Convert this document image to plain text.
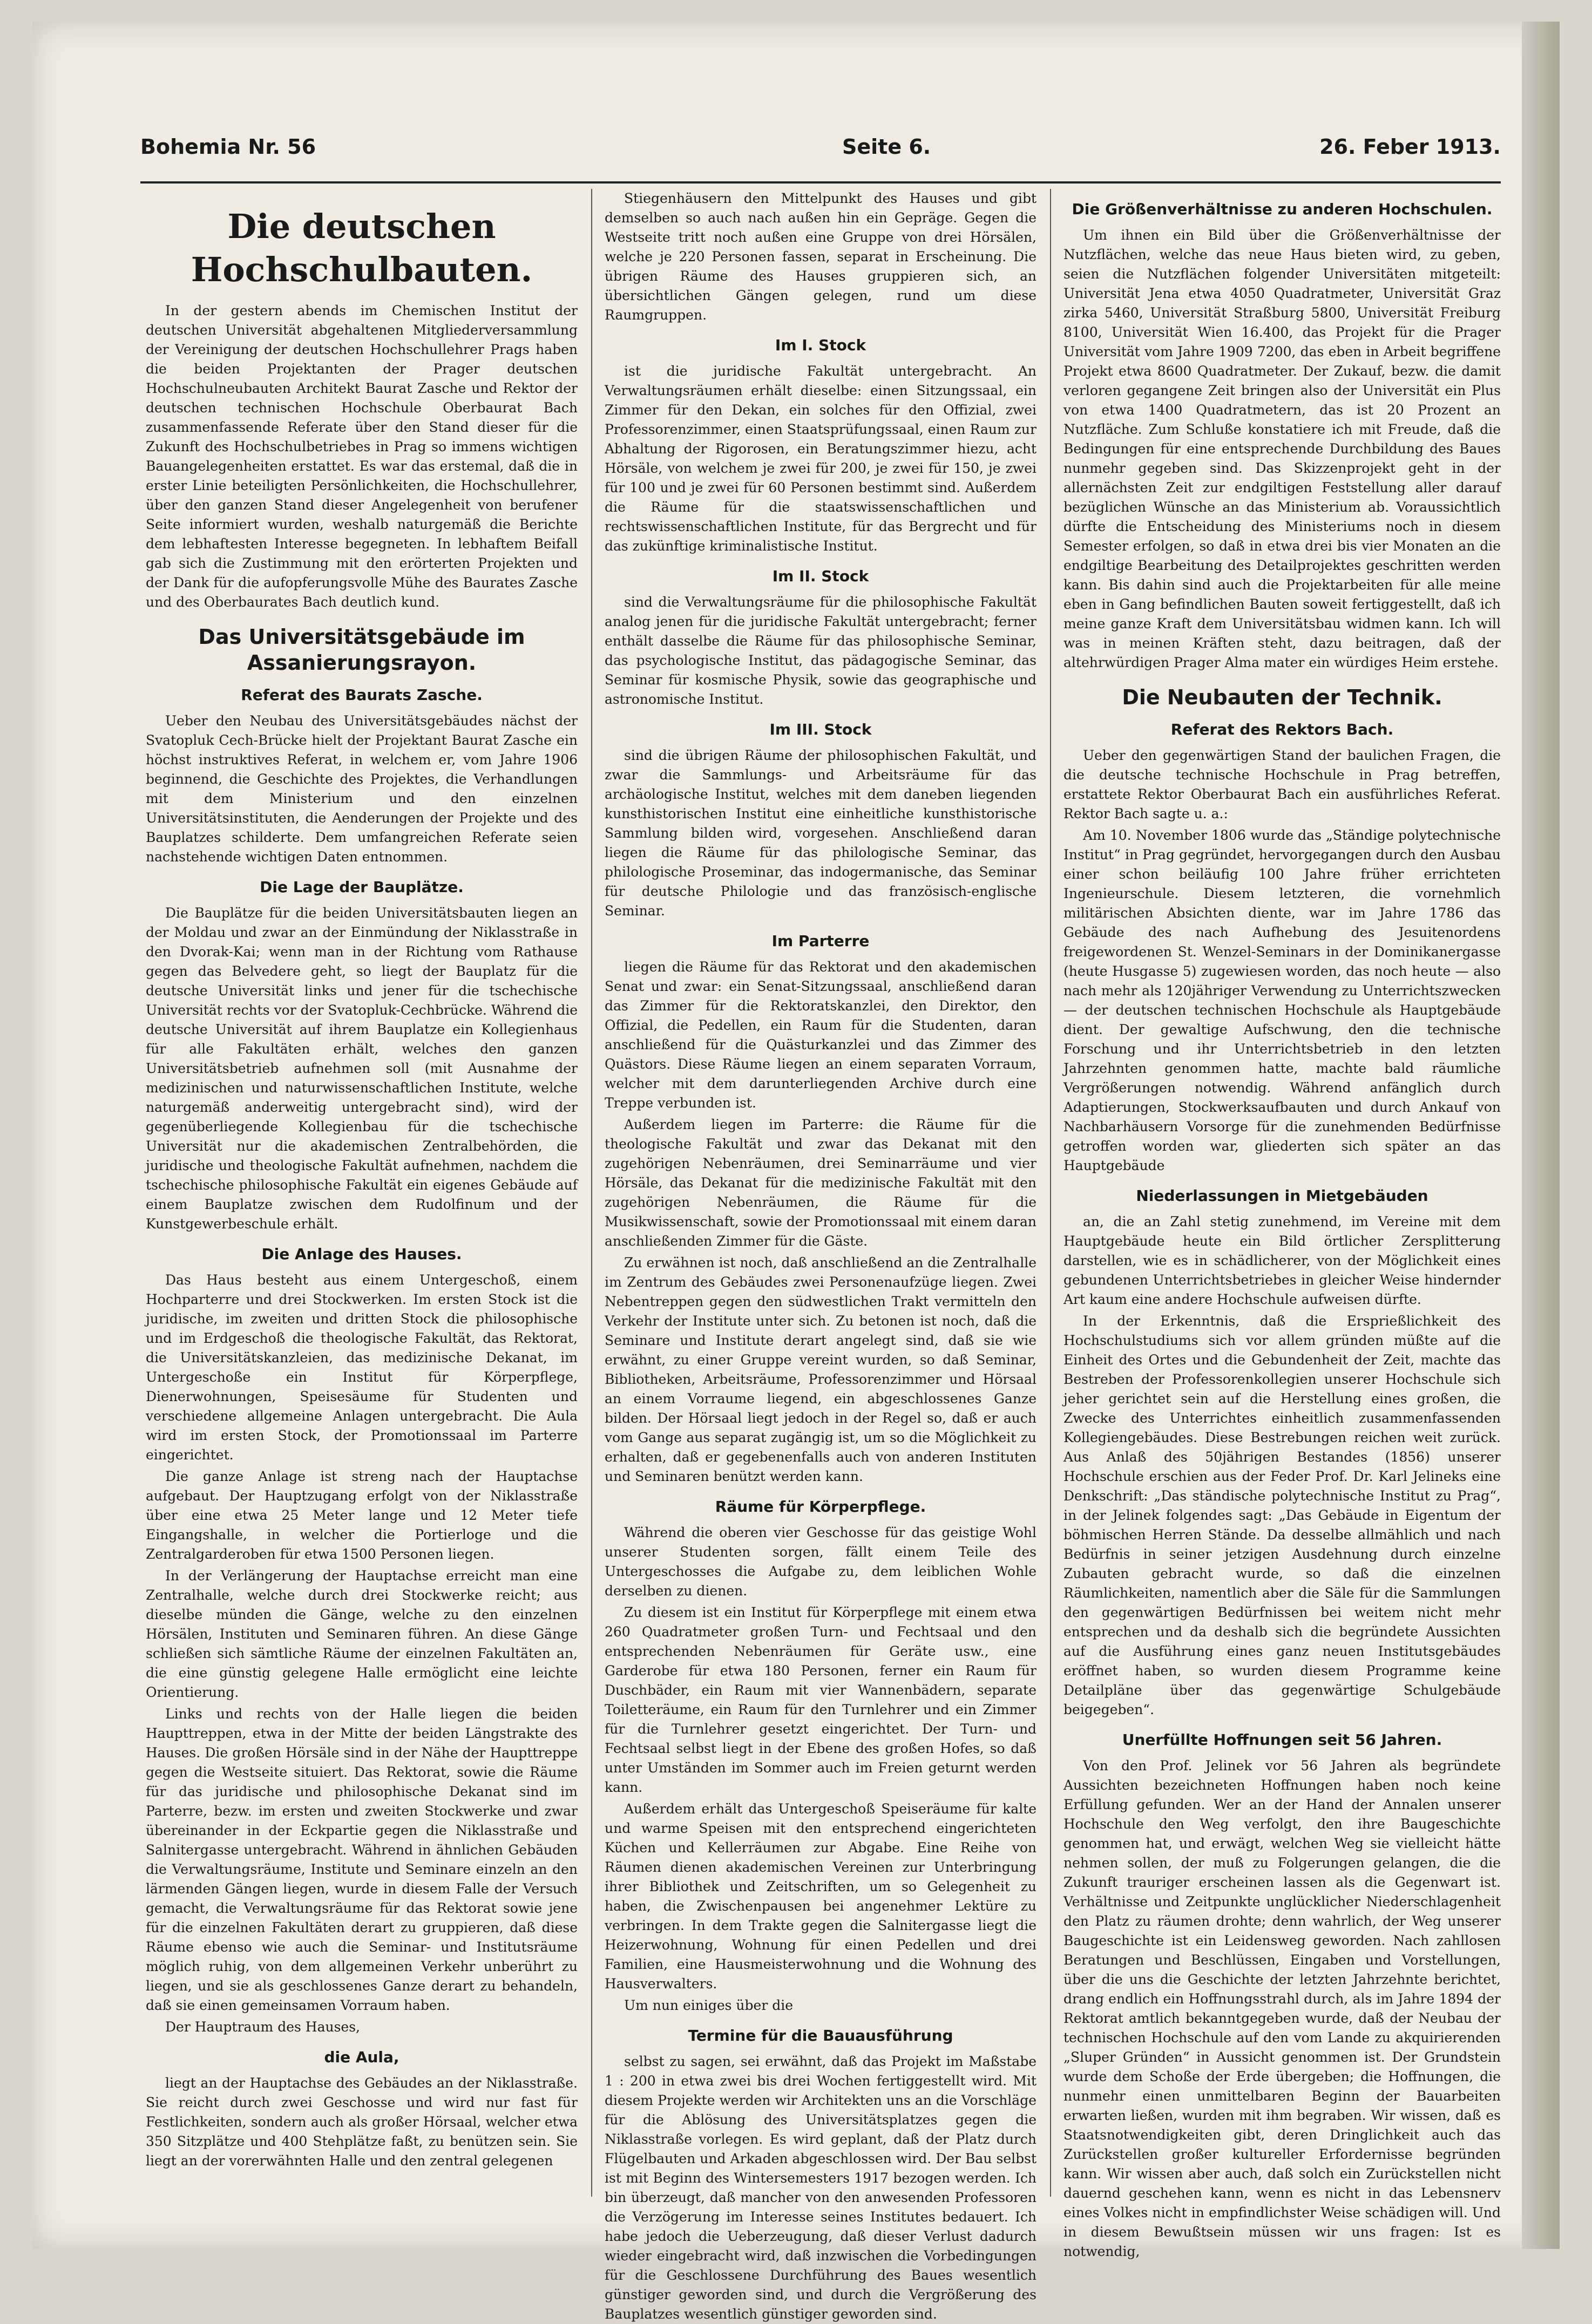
Bohemia Nr. 56	Seite 6.	26. Feber 1913.
Die deutschen Hochschulbauten.

In der gestern abends im Chemischen Institut der deutschen Universität abgehaltenen Mitgliederversammlung der Vereinigung der deutschen Hochschullehrer Prags haben die beiden Projektanten der Prager deutschen Hochschulneubauten Architekt Baurat Zasche und Rektor der deutschen technischen Hochschule Oberbaurat Bach zusammenfassende Referate über den Stand dieser für die Zukunft des Hochschulbetriebes in Prag so immens wichtigen Bauangelegenheiten erstattet. Es war das erstemal, daß die in erster Linie beteiligten Persönlichkeiten, die Hochschullehrer, über den ganzen Stand dieser Angelegenheit von berufener Seite informiert wurden, weshalb naturgemäß die Berichte dem lebhaftesten Interesse begegneten. In lebhaftem Beifall gab sich die Zustimmung mit den erörterten Projekten und der Dank für die aufopferungsvolle Mühe des Baurates Zasche und des Oberbaurates Bach deutlich kund.

Das Universitätsgebäude im Assanierungsrayon.
Referat des Baurats Zasche.

Ueber den Neubau des Universitätsgebäudes nächst der Svatopluk Cech-Brücke hielt der Projektant Baurat Zasche ein höchst instruktives Referat, in welchem er, vom Jahre 1906 beginnend, die Geschichte des Projektes, die Verhandlungen mit dem Ministerium und den einzelnen Universitätsinstituten, die Aenderungen der Projekte und des Bauplatzes schilderte. Dem umfangreichen Referate seien nachstehende wichtigen Daten entnommen.

Die Lage der Bauplätze.

Die Bauplätze für die beiden Universitätsbauten liegen an der Moldau und zwar an der Einmündung der Niklasstraße in den Dvorak-Kai; wenn man in der Richtung vom Rathause gegen das Belvedere geht, so liegt der Bauplatz für die deutsche Universität links und jener für die tschechische Universität rechts vor der Svatopluk-Cechbrücke. Während die deutsche Universität auf ihrem Bauplatze ein Kollegienhaus für alle Fakultäten erhält, welches den ganzen Universitätsbetrieb aufnehmen soll (mit Ausnahme der medizinischen und naturwissenschaftlichen Institute, welche naturgemäß anderweitig untergebracht sind), wird der gegenüberliegende Kollegienbau für die tschechische Universität nur die akademischen Zentralbehörden, die juridische und theologische Fakultät aufnehmen, nachdem die tschechische philosophische Fakultät ein eigenes Gebäude auf einem Bauplatze zwischen dem Rudolfinum und der Kunstgewerbeschule erhält.

Die Anlage des Hauses.

Das Haus besteht aus einem Untergeschoß, einem Hochparterre und drei Stockwerken. Im ersten Stock ist die juridische, im zweiten und dritten Stock die philosophische und im Erdgeschoß die theologische Fakultät, das Rektorat, die Universitätskanzleien, das medizinische Dekanat, im Untergeschoße ein Institut für Körperpflege, Dienerwohnungen, Speisesäume für Studenten und verschiedene allgemeine Anlagen untergebracht. Die Aula wird im ersten Stock, der Promotionssaal im Parterre eingerichtet.

Die ganze Anlage ist streng nach der Hauptachse aufgebaut. Der Hauptzugang erfolgt von der Niklasstraße über eine etwa 25 Meter lange und 12 Meter tiefe Eingangshalle, in welcher die Portierloge und die Zentralgarderoben für etwa 1500 Personen liegen.

In der Verlängerung der Hauptachse erreicht man eine Zentralhalle, welche durch drei Stockwerke reicht; aus dieselbe münden die Gänge, welche zu den einzelnen Hörsälen, Instituten und Seminaren führen. An diese Gänge schließen sich sämtliche Räume der einzelnen Fakultäten an, die eine günstig gelegene Halle ermöglicht eine leichte Orientierung.

Links und rechts von der Halle liegen die beiden Haupttreppen, etwa in der Mitte der beiden Längstrakte des Hauses. Die großen Hörsäle sind in der Nähe der Haupttreppe gegen die Westseite situiert. Das Rektorat, sowie die Räume für das juridische und philosophische Dekanat sind im Parterre, bezw. im ersten und zweiten Stockwerke und zwar übereinander in der Eckpartie gegen die Niklasstraße und Salnitergasse untergebracht. Während in ähnlichen Gebäuden die Verwaltungsräume, Institute und Seminare einzeln an den lärmenden Gängen liegen, wurde in diesem Falle der Versuch gemacht, die Verwaltungsräume für das Rektorat sowie jene für die einzelnen Fakultäten derart zu gruppieren, daß diese Räume ebenso wie auch die Seminar- und Institutsräume möglich ruhig, von dem allgemeinen Verkehr unberührt zu liegen, und sie als geschlossenes Ganze derart zu behandeln, daß sie einen gemeinsamen Vorraum haben.

Der Hauptraum des Hauses,

die Aula,

liegt an der Hauptachse des Gebäudes an der Niklasstraße. Sie reicht durch zwei Geschosse und wird nur fast für Festlichkeiten, sondern auch als großer Hörsaal, welcher etwa 350 Sitzplätze und 400 Stehplätze faßt, zu benützen sein. Sie liegt an der vorerwähnten Halle und den zentral gelegenen

Stiegenhäusern den Mittelpunkt des Hauses und gibt demselben so auch nach außen hin ein Gepräge. Gegen die Westseite tritt noch außen eine Gruppe von drei Hörsälen, welche je 220 Personen fassen, separat in Erscheinung. Die übrigen Räume des Hauses gruppieren sich, an übersichtlichen Gängen gelegen, rund um diese Raumgruppen.

Im I. Stock

ist die juridische Fakultät untergebracht. An Verwaltungsräumen erhält dieselbe: einen Sitzungssaal, ein Zimmer für den Dekan, ein solches für den Offizial, zwei Professorenzimmer, einen Staatsprüfungssaal, einen Raum zur Abhaltung der Rigorosen, ein Beratungszimmer hiezu, acht Hörsäle, von welchem je zwei für 200, je zwei für 150, je zwei für 100 und je zwei für 60 Personen bestimmt sind. Außerdem die Räume für die staatswissenschaftlichen und rechtswissenschaftlichen Institute, für das Bergrecht und für das zukünftige kriminalistische Institut.

Im II. Stock

sind die Verwaltungsräume für die philosophische Fakultät analog jenen für die juridische Fakultät untergebracht; ferner enthält dasselbe die Räume für das philosophische Seminar, das psychologische Institut, das pädagogische Seminar, das Seminar für kosmische Physik, sowie das geographische und astronomische Institut.

Im III. Stock

sind die übrigen Räume der philosophischen Fakultät, und zwar die Sammlungs- und Arbeitsräume für das archäologische Institut, welches mit dem daneben liegenden kunsthistorischen Institut eine einheitliche kunsthistorische Sammlung bilden wird, vorgesehen. Anschließend daran liegen die Räume für das philologische Seminar, das philologische Proseminar, das indogermanische, das Seminar für deutsche Philologie und das französisch-englische Seminar.

Im Parterre

liegen die Räume für das Rektorat und den akademischen Senat und zwar: ein Senat-Sitzungssaal, anschließend daran das Zimmer für die Rektoratskanzlei, den Direktor, den Offizial, die Pedellen, ein Raum für die Studenten, daran anschließend für die Quästurkanzlei und das Zimmer des Quästors. Diese Räume liegen an einem separaten Vorraum, welcher mit dem darunterliegenden Archive durch eine Treppe verbunden ist.

Außerdem liegen im Parterre: die Räume für die theologische Fakultät und zwar das Dekanat mit den zugehörigen Nebenräumen, drei Seminarräume und vier Hörsäle, das Dekanat für die medizinische Fakultät mit den zugehörigen Nebenräumen, die Räume für die Musikwissenschaft, sowie der Promotionssaal mit einem daran anschließenden Zimmer für die Gäste.

Zu erwähnen ist noch, daß anschließend an die Zentralhalle im Zentrum des Gebäudes zwei Personenaufzüge liegen. Zwei Nebentreppen gegen den südwestlichen Trakt vermitteln den Verkehr der Institute unter sich. Zu betonen ist noch, daß die Seminare und Institute derart angelegt sind, daß sie wie erwähnt, zu einer Gruppe vereint wurden, so daß Seminar, Bibliotheken, Arbeitsräume, Professorenzimmer und Hörsaal an einem Vorraume liegend, ein abgeschlossenes Ganze bilden. Der Hörsaal liegt jedoch in der Regel so, daß er auch vom Gange aus separat zugängig ist, um so die Möglichkeit zu erhalten, daß er gegebenenfalls auch von anderen Instituten und Seminaren benützt werden kann.

Räume für Körperpflege.

Während die oberen vier Geschosse für das geistige Wohl unserer Studenten sorgen, fällt einem Teile des Untergeschosses die Aufgabe zu, dem leiblichen Wohle derselben zu dienen.

Zu diesem ist ein Institut für Körperpflege mit einem etwa 260 Quadratmeter großen Turn- und Fechtsaal und den entsprechenden Nebenräumen für Geräte usw., eine Garderobe für etwa 180 Personen, ferner ein Raum für Duschbäder, ein Raum mit vier Wannenbädern, separate Toiletteräume, ein Raum für den Turnlehrer und ein Zimmer für die Turnlehrer gesetzt eingerichtet. Der Turn- und Fechtsaal selbst liegt in der Ebene des großen Hofes, so daß unter Umständen im Sommer auch im Freien geturnt werden kann.

Außerdem erhält das Untergeschoß Speiseräume für kalte und warme Speisen mit den entsprechend eingerichteten Küchen und Kellerräumen zur Abgabe. Eine Reihe von Räumen dienen akademischen Vereinen zur Unterbringung ihrer Bibliothek und Zeitschriften, um so Gelegenheit zu haben, die Zwischenpausen bei angenehmer Lektüre zu verbringen. In dem Trakte gegen die Salnitergasse liegt die Heizerwohnung, Wohnung für einen Pedellen und drei Familien, eine Hausmeisterwohnung und die Wohnung des Hausverwalters.

Um nun einiges über die

Termine für die Bauausführung

selbst zu sagen, sei erwähnt, daß das Projekt im Maßstabe 1 : 200 in etwa zwei bis drei Wochen fertiggestellt wird. Mit diesem Projekte werden wir Architekten uns an die Vorschläge für die Ablösung des Universitätsplatzes gegen die Niklasstraße vorlegen. Es wird geplant, daß der Platz durch Flügelbauten und Arkaden abgeschlossen wird. Der Bau selbst ist mit Beginn des Wintersemesters 1917 bezogen werden. Ich bin überzeugt, daß mancher von den anwesenden Professoren die Verzögerung im Interesse seines Institutes bedauert. Ich habe jedoch die Ueberzeugung, daß dieser Verlust dadurch wieder eingebracht wird, daß inzwischen die Vorbedingungen für die Geschlossene Durchführung des Baues wesentlich günstiger geworden sind, und durch die Vergrößerung des Bauplatzes wesentlich günstiger geworden sind.

Die Größenverhältnisse zu anderen Hochschulen.

Um ihnen ein Bild über die Größenverhältnisse der Nutzflächen, welche das neue Haus bieten wird, zu geben, seien die Nutzflächen folgender Universitäten mitgeteilt: Universität Jena etwa 4050 Quadratmeter, Universität Graz zirka 5460, Universität Straßburg 5800, Universität Freiburg 8100, Universität Wien 16.400, das Projekt für die Prager Universität vom Jahre 1909 7200, das eben in Arbeit begriffene Projekt etwa 8600 Quadratmeter. Der Zukauf, bezw. die damit verloren gegangene Zeit bringen also der Universität ein Plus von etwa 1400 Quadratmetern, das ist 20 Prozent an Nutzfläche. Zum Schluße konstatiere ich mit Freude, daß die Bedingungen für eine entsprechende Durchbildung des Baues nunmehr gegeben sind. Das Skizzenprojekt geht in der allernächsten Zeit zur endgiltigen Feststellung aller darauf bezüglichen Wünsche an das Ministerium ab. Voraussichtlich dürfte die Entscheidung des Ministeriums noch in diesem Semester erfolgen, so daß in etwa drei bis vier Monaten an die endgiltige Bearbeitung des Detailprojektes geschritten werden kann. Bis dahin sind auch die Projektarbeiten für alle meine eben in Gang befindlichen Bauten soweit fertiggestellt, daß ich meine ganze Kraft dem Universitätsbau widmen kann. Ich will was in meinen Kräften steht, dazu beitragen, daß der altehrwürdigen Prager Alma mater ein würdiges Heim erstehe.

Die Neubauten der Technik.
Referat des Rektors Bach.

Ueber den gegenwärtigen Stand der baulichen Fragen, die die deutsche technische Hochschule in Prag betreffen, erstattete Rektor Oberbaurat Bach ein ausführliches Referat. Rektor Bach sagte u. a.:

Am 10. November 1806 wurde das „Ständige polytechnische Institut“ in Prag gegründet, hervorgegangen durch den Ausbau einer schon beiläufig 100 Jahre früher errichteten Ingenieurschule. Diesem letzteren, die vornehmlich militärischen Absichten diente, war im Jahre 1786 das Gebäude des nach Aufhebung des Jesuitenordens freigewordenen St. Wenzel-Seminars in der Dominikanergasse (heute Husgasse 5) zugewiesen worden, das noch heute — also nach mehr als 120jähriger Verwendung zu Unterrichtszwecken — der deutschen technischen Hochschule als Hauptgebäude dient. Der gewaltige Aufschwung, den die technische Forschung und ihr Unterrichtsbetrieb in den letzten Jahrzehnten genommen hatte, machte bald räumliche Vergrößerungen notwendig. Während anfänglich durch Adaptierungen, Stockwerksaufbauten und durch Ankauf von Nachbarhäusern Vorsorge für die zunehmenden Bedürfnisse getroffen worden war, gliederten sich später an das Hauptgebäude

Niederlassungen in Mietgebäuden

an, die an Zahl stetig zunehmend, im Vereine mit dem Hauptgebäude heute ein Bild örtlicher Zersplitterung darstellen, wie es in schädlicherer, von der Möglichkeit eines gebundenen Unterrichtsbetriebes in gleicher Weise hindernder Art kaum eine andere Hochschule aufweisen dürfte.

In der Erkenntnis, daß die Ersprießlichkeit des Hochschulstudiums sich vor allem gründen müßte auf die Einheit des Ortes und die Gebundenheit der Zeit, machte das Bestreben der Professorenkollegien unserer Hochschule sich jeher gerichtet sein auf die Herstellung eines großen, die Zwecke des Unterrichtes einheitlich zusammenfassenden Kollegiengebäudes. Diese Bestrebungen reichen weit zurück. Aus Anlaß des 50jährigen Bestandes (1856) unserer Hochschule erschien aus der Feder Prof. Dr. Karl Jelineks eine Denkschrift: „Das ständische polytechnische Institut zu Prag“, in der Jelinek folgendes sagt: „Das Gebäude in Eigentum der böhmischen Herren Stände. Da desselbe allmählich und nach Bedürfnis in seiner jetzigen Ausdehnung durch einzelne Zubauten gebracht wurde, so daß die einzelnen Räumlichkeiten, namentlich aber die Säle für die Sammlungen den gegenwärtigen Bedürfnissen bei weitem nicht mehr entsprechen und da deshalb sich die begründete Aussichten auf die Ausführung eines ganz neuen Institutsgebäudes eröffnet haben, so wurden diesem Programme keine Detailpläne über das gegenwärtige Schulgebäude beigegeben“.

Unerfüllte Hoffnungen seit 56 Jahren.

Von den Prof. Jelinek vor 56 Jahren als begründete Aussichten bezeichneten Hoffnungen haben noch keine Erfüllung gefunden. Wer an der Hand der Annalen unserer Hochschule den Weg verfolgt, den ihre Baugeschichte genommen hat, und erwägt, welchen Weg sie vielleicht hätte nehmen sollen, der muß zu Folgerungen gelangen, die die Zukunft trauriger erscheinen lassen als die Gegenwart ist. Verhältnisse und Zeitpunkte unglücklicher Niederschlagenheit den Platz zu räumen drohte; denn wahrlich, der Weg unserer Baugeschichte ist ein Leidensweg geworden. Nach zahllosen Beratungen und Beschlüssen, Eingaben und Vorstellungen, über die uns die Geschichte der letzten Jahrzehnte berichtet, drang endlich ein Hoffnungsstrahl durch, als im Jahre 1894 der Rektorat amtlich bekanntgegeben wurde, daß der Neubau der technischen Hochschule auf den vom Lande zu akquirierenden „Sluper Gründen“ in Aussicht genommen ist. Der Grundstein wurde dem Schoße der Erde übergeben; die Hoffnungen, die nunmehr einen unmittelbaren Beginn der Bauarbeiten erwarten ließen, wurden mit ihm begraben. Wir wissen, daß es Staatsnotwendigkeiten gibt, deren Dringlichkeit auch das Zurückstellen großer kultureller Erfordernisse begründen kann. Wir wissen aber auch, daß solch ein Zurückstellen nicht dauernd geschehen kann, wenn es nicht in das Lebensnerv eines Volkes nicht in empfindlichster Weise schädigen will. Und in diesem Bewußtsein müssen wir uns fragen: Ist es notwendig,
